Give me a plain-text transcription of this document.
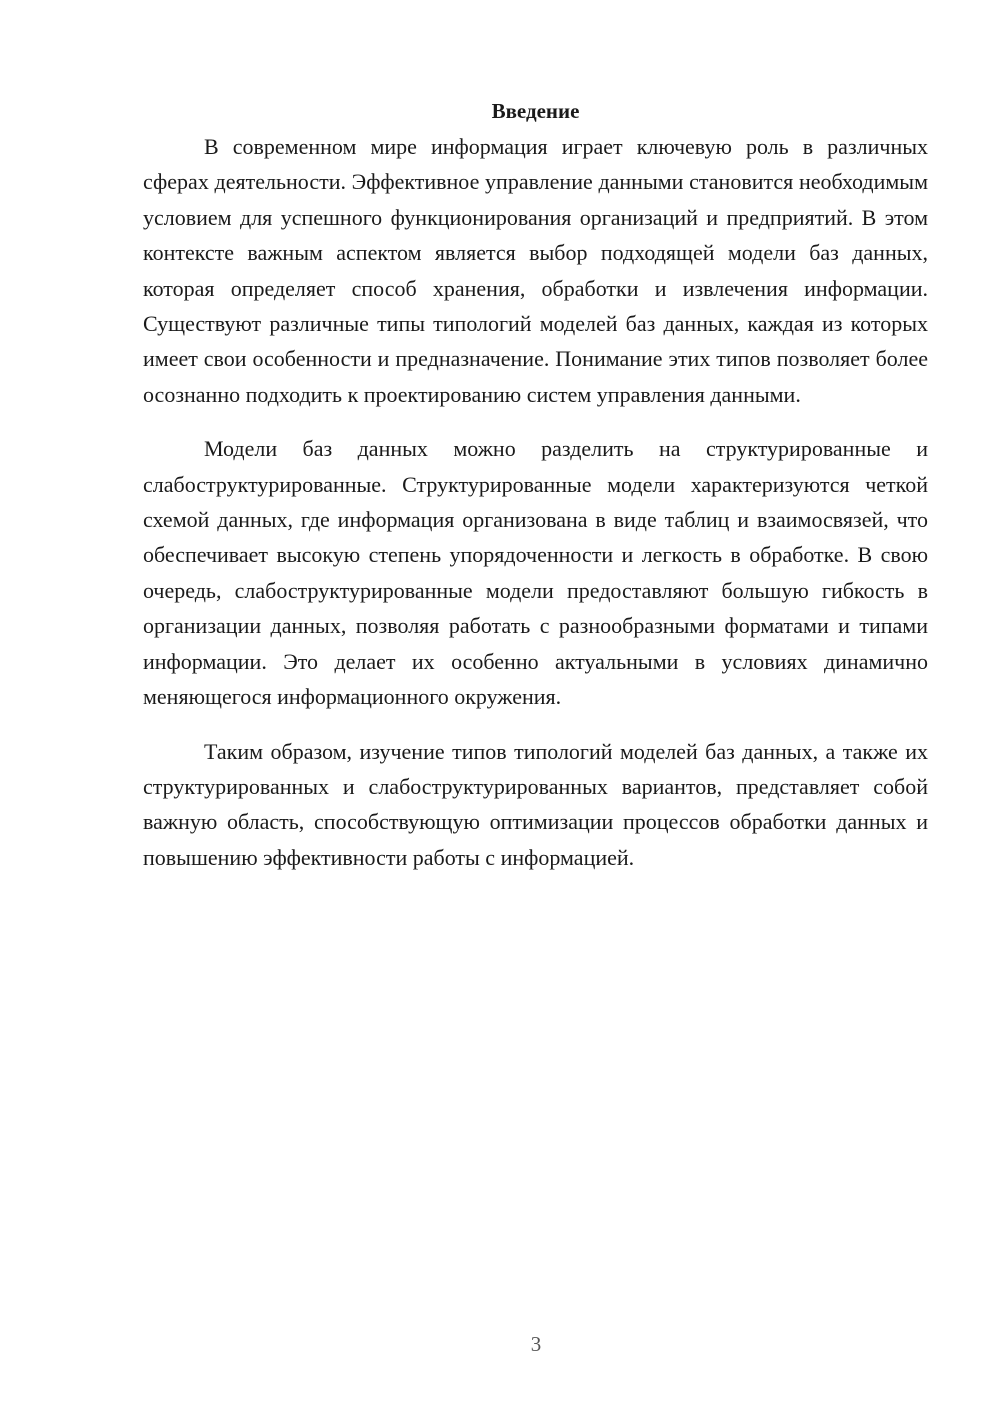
Введение

В современном мире информация играет ключевую роль в различных сферах деятельности. Эффективное управление данными становится необходимым условием для успешного функционирования организаций и предприятий. В этом контексте важным аспектом является выбор подходящей модели баз данных, которая определяет способ хранения, обработки и извлечения информации. Существуют различные типы типологий моделей баз данных, каждая из которых имеет свои особенности и предназначение. Понимание этих типов позволяет более осознанно подходить к проектированию систем управления данными.

Модели баз данных можно разделить на структурированные и слабоструктурированные. Структурированные модели характеризуются четкой схемой данных, где информация организована в виде таблиц и взаимосвязей, что обеспечивает высокую степень упорядоченности и легкость в обработке. В свою очередь, слабоструктурированные модели предоставляют большую гибкость в организации данных, позволяя работать с разнообразными форматами и типами информации. Это делает их особенно актуальными в условиях динамично меняющегося информационного окружения.

Таким образом, изучение типов типологий моделей баз данных, а также их структурированных и слабоструктурированных вариантов, представляет собой важную область, способствующую оптимизации процессов обработки данных и повышению эффективности работы с информацией.

3
